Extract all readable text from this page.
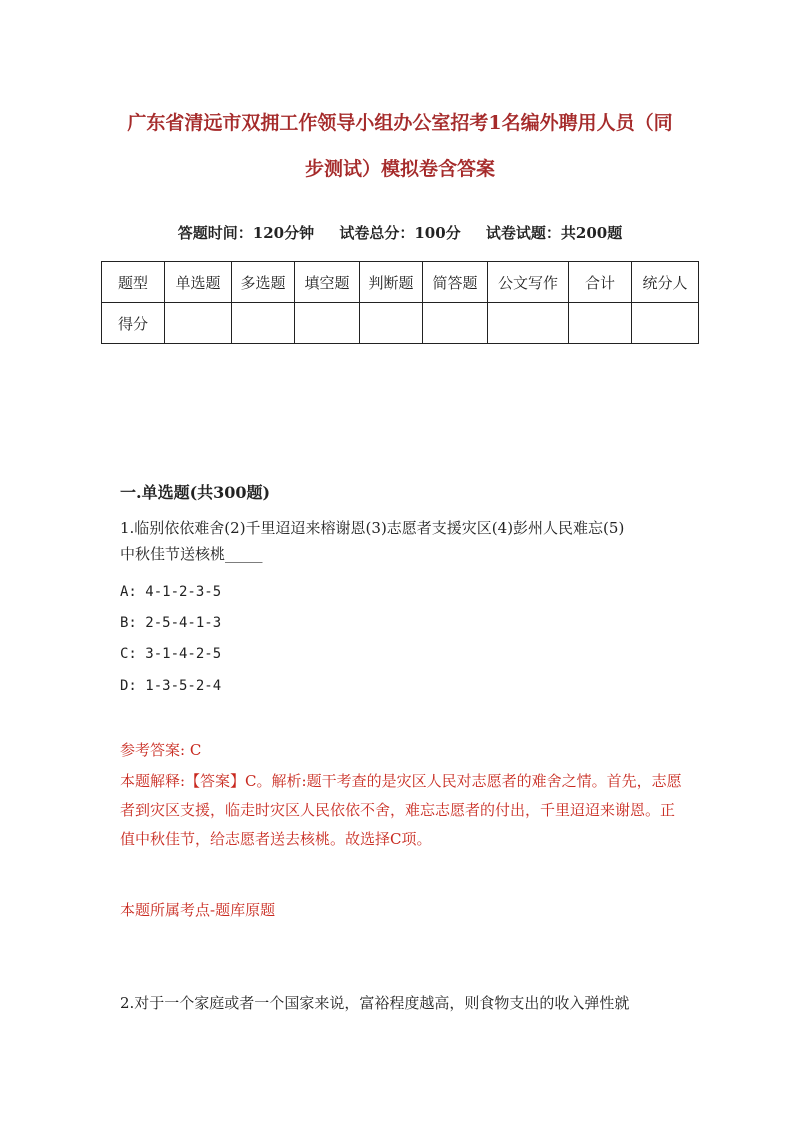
广东省清远市双拥工作领导小组办公室招考1名编外聘用人员（同
步测试）模拟卷含答案
答题时间：120分钟 试卷总分：100分 试卷试题：共200题
题型	单选题	多选题	填空题	判断题	简答题	公文写作	合计	统分人
得分								
一.单选题(共300题)
1.临别依依难舍(2)千里迢迢来榕谢恩(3)志愿者支援灾区(4)彭州人民难忘(5)
中秋佳节送核桃_____
A: 4-1-2-3-5
B: 2-5-4-1-3
C: 3-1-4-2-5
D: 1-3-5-2-4
参考答案: C
本题解释:【答案】C。解析:题干考查的是灾区人民对志愿者的难舍之情。首先，志愿者到灾区支援，临走时灾区人民依依不舍，难忘志愿者的付出，千里迢迢来谢恩。正值中秋佳节，给志愿者送去核桃。故选择C项。
本题所属考点-题库原题
2.对于一个家庭或者一个国家来说，富裕程度越高，则食物支出的收入弹性就
